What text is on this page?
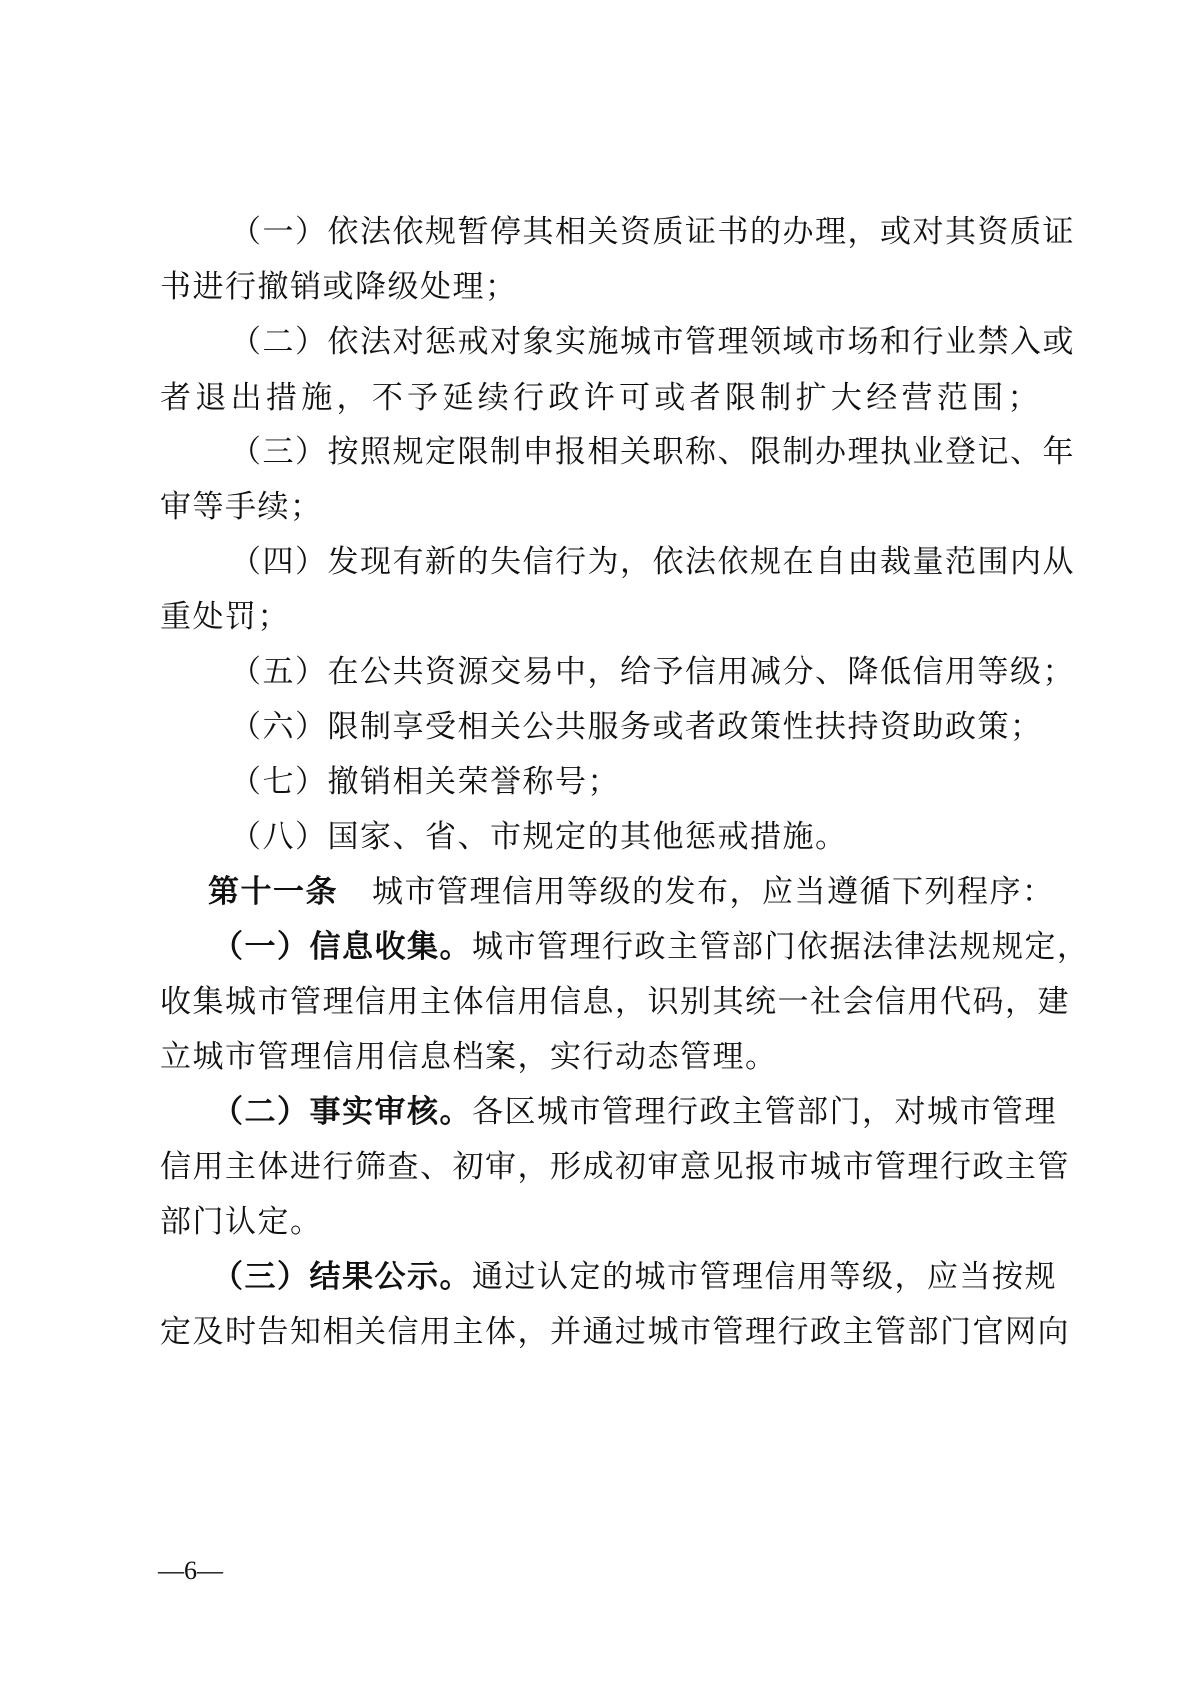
（一）依法依规暂停其相关资质证书的办理，或对其资质证
书进行撤销或降级处理；
（二）依法对惩戒对象实施城市管理领域市场和行业禁入或
者退出措施，不予延续行政许可或者限制扩大经营范围；
（三）按照规定限制申报相关职称、限制办理执业登记、年
审等手续；
（四）发现有新的失信行为，依法依规在自由裁量范围内从
重处罚；
（五）在公共资源交易中，给予信用减分、降低信用等级；
（六）限制享受相关公共服务或者政策性扶持资助政策；
（七）撤销相关荣誉称号；
（八）国家、省、市规定的其他惩戒措施。
第十一条 城市管理信用等级的发布，应当遵循下列程序：
（一）信息收集。城市管理行政主管部门依据法律法规规定，
收集城市管理信用主体信用信息，识别其统一社会信用代码，建
立城市管理信用信息档案，实行动态管理。
（二）事实审核。各区城市管理行政主管部门，对城市管理
信用主体进行筛查、初审，形成初审意见报市城市管理行政主管
部门认定。
（三）结果公示。通过认定的城市管理信用等级，应当按规
定及时告知相关信用主体，并通过城市管理行政主管部门官网向
—6—
